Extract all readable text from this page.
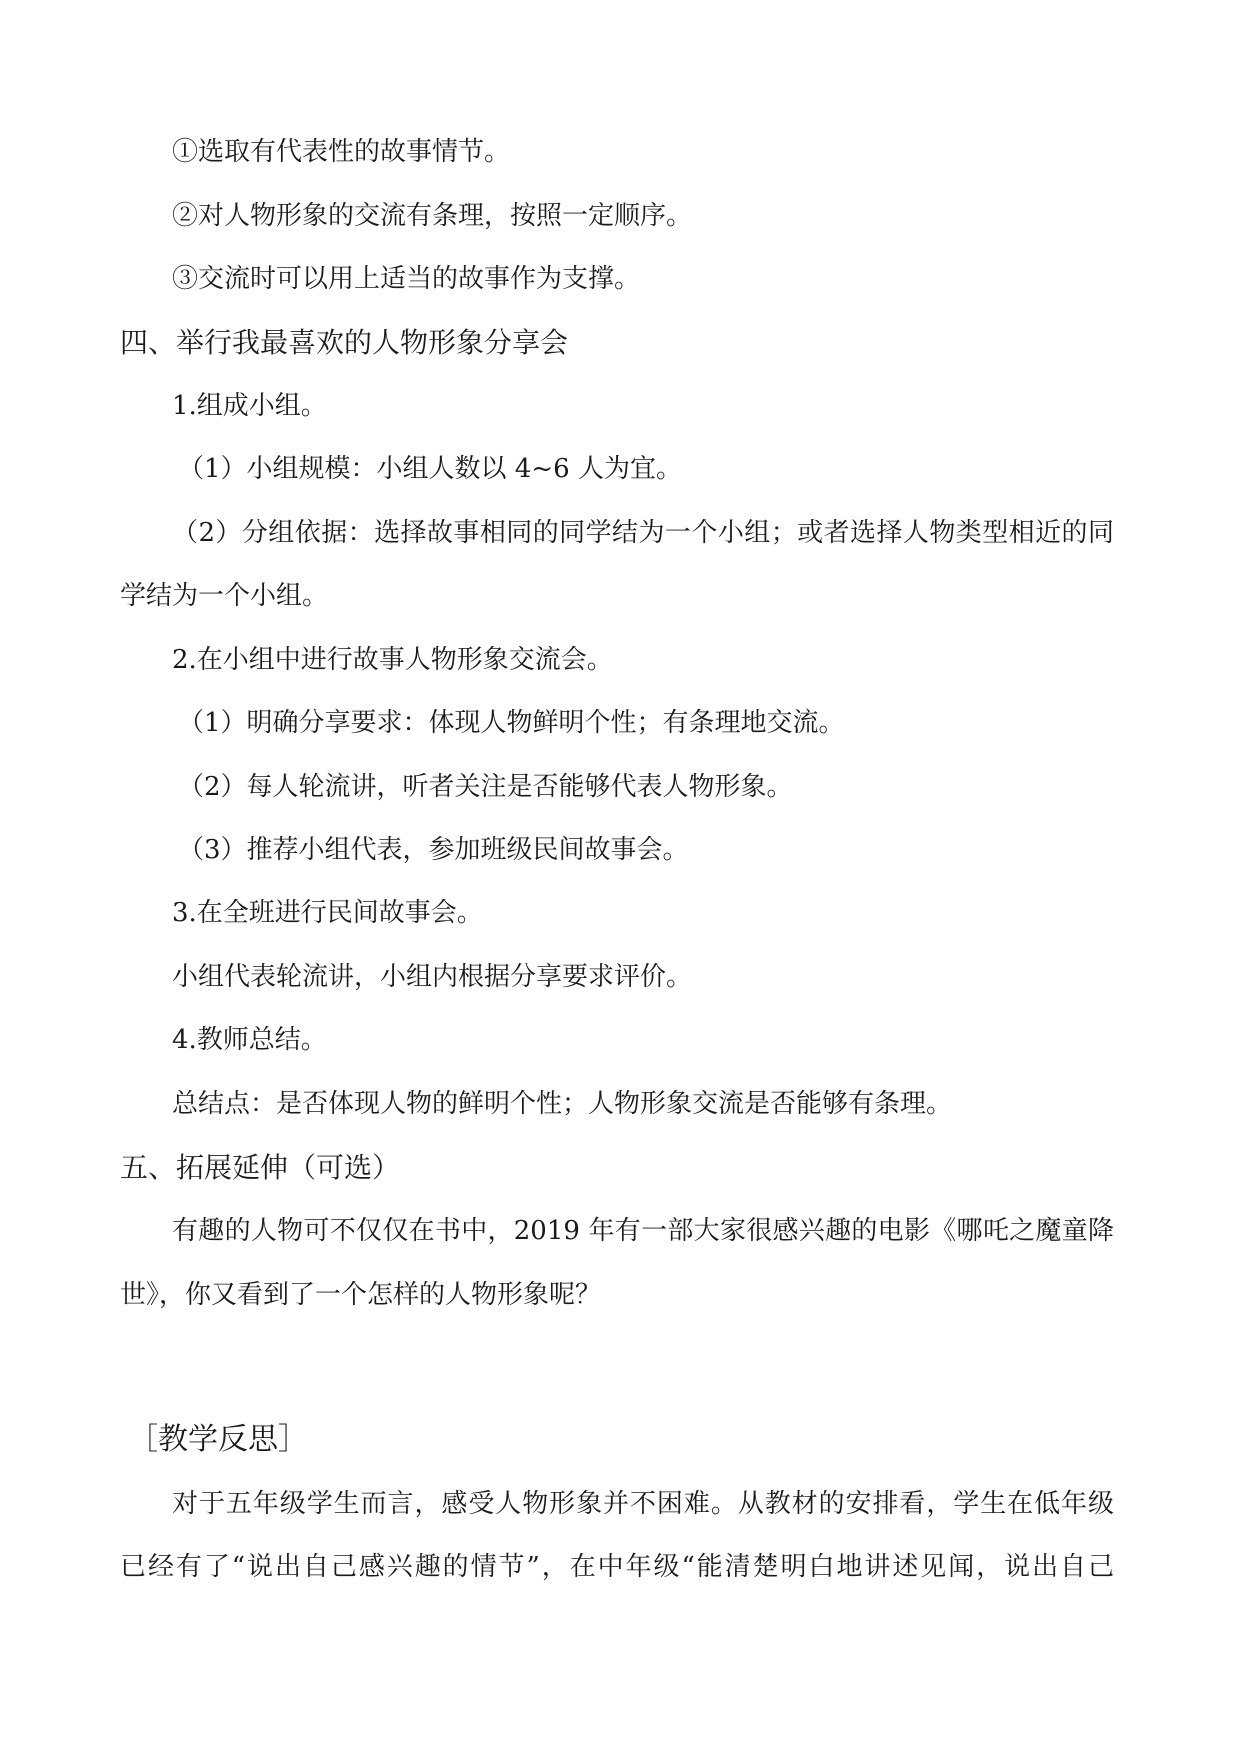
①选取有代表性的故事情节。
②对人物形象的交流有条理，按照一定顺序。
③交流时可以用上适当的故事作为支撑。
四、举行我最喜欢的人物形象分享会
1.组成小组。
（1）小组规模：小组人数以 4~6 人为宜。
（2）分组依据：选择故事相同的同学结为一个小组；或者选择人物类型相近的同
学结为一个小组。
2.在小组中进行故事人物形象交流会。
（1）明确分享要求：体现人物鲜明个性；有条理地交流。
（2）每人轮流讲，听者关注是否能够代表人物形象。
（3）推荐小组代表，参加班级民间故事会。
3.在全班进行民间故事会。
小组代表轮流讲，小组内根据分享要求评价。
4.教师总结。
总结点：是否体现人物的鲜明个性；人物形象交流是否能够有条理。
五、拓展延伸（可选）
有趣的人物可不仅仅在书中，2019 年有一部大家很感兴趣的电影《哪吒之魔童降
世》，你又看到了一个怎样的人物形象呢？
［教学反思］
对于五年级学生而言，感受人物形象并不困难。从教材的安排看，学生在低年级
已经有了“说出自己感兴趣的情节”，在中年级“能清楚明白地讲述见闻，说出自己
